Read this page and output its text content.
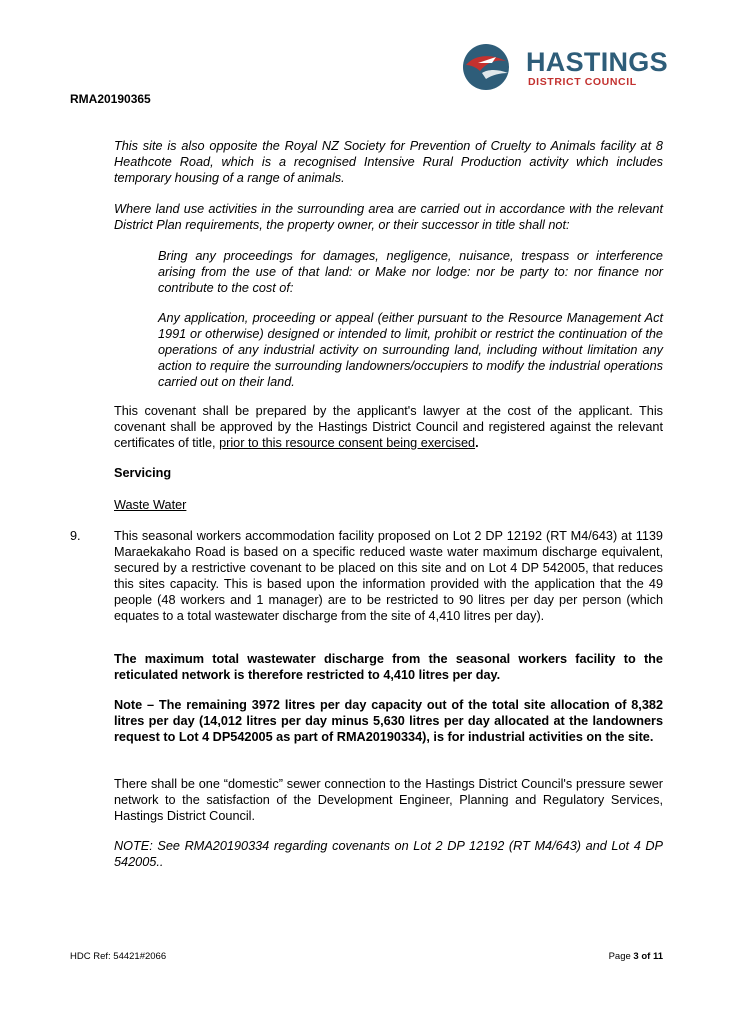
RMA20190365
HASTINGS
DISTRICT COUNCIL
This site is also opposite the Royal NZ Society for Prevention of Cruelty to Animals facility at 8 Heathcote Road, which is a recognised Intensive Rural Production activity which includes temporary housing of a range of animals.
Where land use activities in the surrounding area are carried out in accordance with the relevant District Plan requirements, the property owner, or their successor in title shall not:
Bring any proceedings for damages, negligence, nuisance, trespass or interference arising from the use of that land: or Make nor lodge: nor be party to: nor finance nor contribute to the cost of:
Any application, proceeding or appeal (either pursuant to the Resource Management Act 1991 or otherwise) designed or intended to limit, prohibit or restrict the continuation of the operations of any industrial activity on surrounding land, including without limitation any action to require the surrounding landowners/occupiers to modify the industrial operations carried out on their land.
This covenant shall be prepared by the applicant's lawyer at the cost of the applicant. This covenant shall be approved by the Hastings District Council and registered against the relevant certificates of title, prior to this resource consent being exercised.
Servicing
Waste Water
9.	This seasonal workers accommodation facility proposed on Lot 2 DP 12192 (RT M4/643) at 1139 Maraekakaho Road is based on a specific reduced waste water maximum discharge equivalent, secured by a restrictive covenant to be placed on this site and on Lot 4 DP 542005, that reduces this sites capacity. This is based upon the information provided with the application that the 49 people (48 workers and 1 manager) are to be restricted to 90 litres per day per person (which equates to a total wastewater discharge from the site of 4,410 litres per day).
The maximum total wastewater discharge from the seasonal workers facility to the reticulated network is therefore restricted to 4,410 litres per day.
Note – The remaining 3972 litres per day capacity out of the total site allocation of 8,382 litres per day (14,012 litres per day minus 5,630 litres per day allocated at the landowners request to Lot 4 DP542005 as part of RMA20190334), is for industrial activities on the site.
There shall be one “domestic” sewer connection to the Hastings District Council's pressure sewer network to the satisfaction of the Development Engineer, Planning and Regulatory Services, Hastings District Council.
NOTE: See RMA20190334 regarding covenants on Lot 2 DP 12192 (RT M4/643) and Lot 4 DP 542005..
HDC Ref: 54421#2066	Page 3 of 11
